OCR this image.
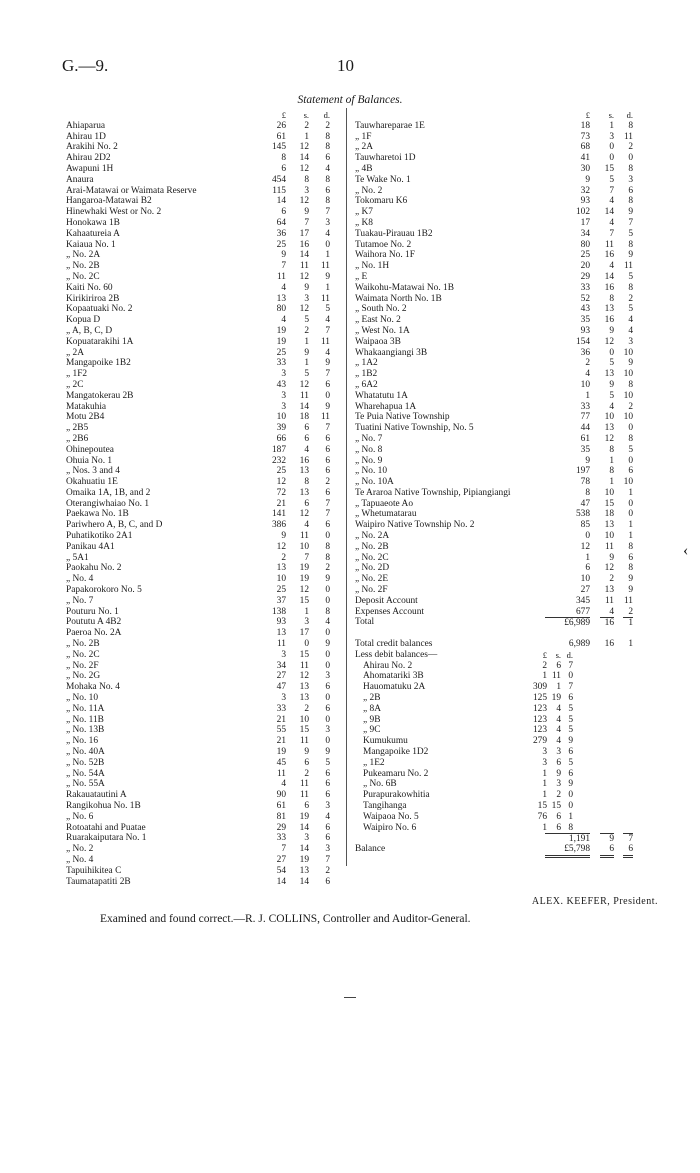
G.—9.	10
Statement of Balances.
£	s.	d.
Ahiaparua	26	2	2
Ahirau 1D	61	1	8
Arakihi No. 2	145	12	8
Ahirau 2D2	8	14	6
Awapuni 1H	6	12	4
Anaura	454	8	8
Arai-Matawai or Waimata Reserve	115	3	6
Hangaroa-Matawai B2	14	12	8
Hinewhaki West or No. 2	6	9	7
Honokawa 1B	64	7	3
Kahaatureia A	36	17	4
Kaiaua No. 1	25	16	0
„ No. 2A	9	14	1
„ No. 2B	7	11 11
„ No. 2C	11	12	9
Kaiti No. 60	4	9	1
Kirikiriroa 2B	13	3 11
Kopaatuaki No. 2	80	12	5
Kopua D	4	5	4
„ A, B, C, D	19	2	7
Kopuatarakihi 1A	19	1 11
„ 2A	25	9	4
Mangapoike 1B2	33	1	9
„ 1F2	3	5	7
„ 2C	43	12	6
Mangatokerau 2B	3	11	0
Matakuhia	3	14	9
Motu 2B4	10	18 11
„ 2B5	39	6	7
„ 2B6	66	6	6
Ohinepoutea	187	4	6
Ohuia No. 1	232	16	6
„ Nos. 3 and 4	25	13	6
Okahuatiu 1E	12	8	2
Omaika 1A, 1B, and 2	72	13	6
Oterangiwhaiao No. 1	21	6	7
Paekawa No. 1B	141	12	7
Pariwhero A, B, C, and D	386	4	6
Puhatikotiko 2A1	9	11	0
Panikau 4A1	12	10	8
„ 5A1	2	7	8
Paokahu No. 2	13	19	2
„ No. 4	10	19	9
Papakorokoro No. 5	25	12	0
„ No. 7	37	15	0
Pouturu No. 1	138	1	8
Poututu A 4B2	93	3	4
Paeroa No. 2A	13	17	0
„ No. 2B	11	0	9
„ No. 2C	3	15	0
„ No. 2F	34	11	0
„ No. 2G	27	12	3
Mohaka No. 4	47	13	6
„ No. 10	3	13	0
„ No. 11A	33	2	6
„ No. 11B	21	10	0
„ No. 13B	55	15	3
„ No. 16	21	11	0
„ No. 40A	19	9	9
„ No. 52B	45	6	5
„ No. 54A	11	2	6
„ No. 55A	4	11	6
Rakauatautini A	90	11	6
Rangikohua No. 1B	61	6	3
„ No. 6	81	19	4
Rotoatahi and Puatae	29	14	6
Ruarakaiputara No. 1	33	3	6
„ No. 2	7	14	3
„ No. 4	27	19	7
Tapuihikitea C	54	13	2
Taumatapatiti 2B	14	14	6
£	s.	d.
Tauwhareparae 1E	18	1	8
„ 1F	73	3 11
„ 2A	68	0	2
Tauwharetoi 1D	41	0	0
„ 4B	30	15	8
Te Wake No. 1	9	5	3
„ No. 2	32	7	6
Tokomaru K6	93	4	8
„ K7	102	14	9
„ K8	17	4	7
Tuakau-Pirauau 1B2	34	7	5
Tutamoe No. 2	80	11	8
Waihora No. 1F	25	16	9
„ No. 1H	20	4 11
„ E	29	14	5
Waikohu-Matawai No. 1B	33	16	8
Waimata North No. 1B	52	8	2
„ South No. 2	43	13	5
„ East No. 2	35	16	4
„ West No. 1A	93	9	4
Waipaoa 3B	154	12	3
Whakaangiangi 3B	36	0 10
„ 1A2	2	5	9
„ 1B2	4	13 10
„ 6A2	10	9	8
Whatatutu 1A	1	5 10
Wharehapua 1A	33	4	2
Te Puia Native Township	77	10 10
Tuatini Native Township, No. 5	44	13	0
„ No. 7	61	12	8
„ No. 8	35	8	5
„ No. 9	9	1	0
„ No. 10	197	8	6
„ No. 10A	78	1 10
Te Araroa Native Township, Pipiangiangi	8	10	1
„ Tapuaeote Ao	47	15	0
„ Whetumatarau	538	18	0
Waipiro Native Township No. 2	85	13	1
„ No. 2A	0	10	1
„ No. 2B	12	11	8
„ No. 2C	1	9	6
„ No. 2D	6	12	8
„ No. 2E	10	2	9
„ No. 2F	27	13	9
Deposit Account	345	11 11
Expenses Account	677	4	2
Total	£6,989	16	1
Total credit balances	6,989	16	1
Less debit balances—	£	s. d.
Ahirau No. 2	2 6 7
Ahomatariki 3B	1 11 0
Hauomatuku 2A	309 1 7
„ 2B	125 19 6
„ 8A	123 4 5
„ 9B	123 4 5
„ 9C	123 4 5
Kumukumu	279 4 9
Mangapoike 1D2	3 3 6
„ 1E2	3 6 5
Pukeamaru No. 2	1 9 6
„ No. 6B	1 3 9
Purapurakowhitia	1 2 0
Tangihanga	15 15 0
Waipaoa No. 5	76 6 1
Waipiro No. 6	1 6 8
1,191	9	7
Balance	£5,798	6	6
ALEX. KEEFER, President.
Examined and found correct.—R. J. COLLINS, Controller and Auditor-General.
‹
